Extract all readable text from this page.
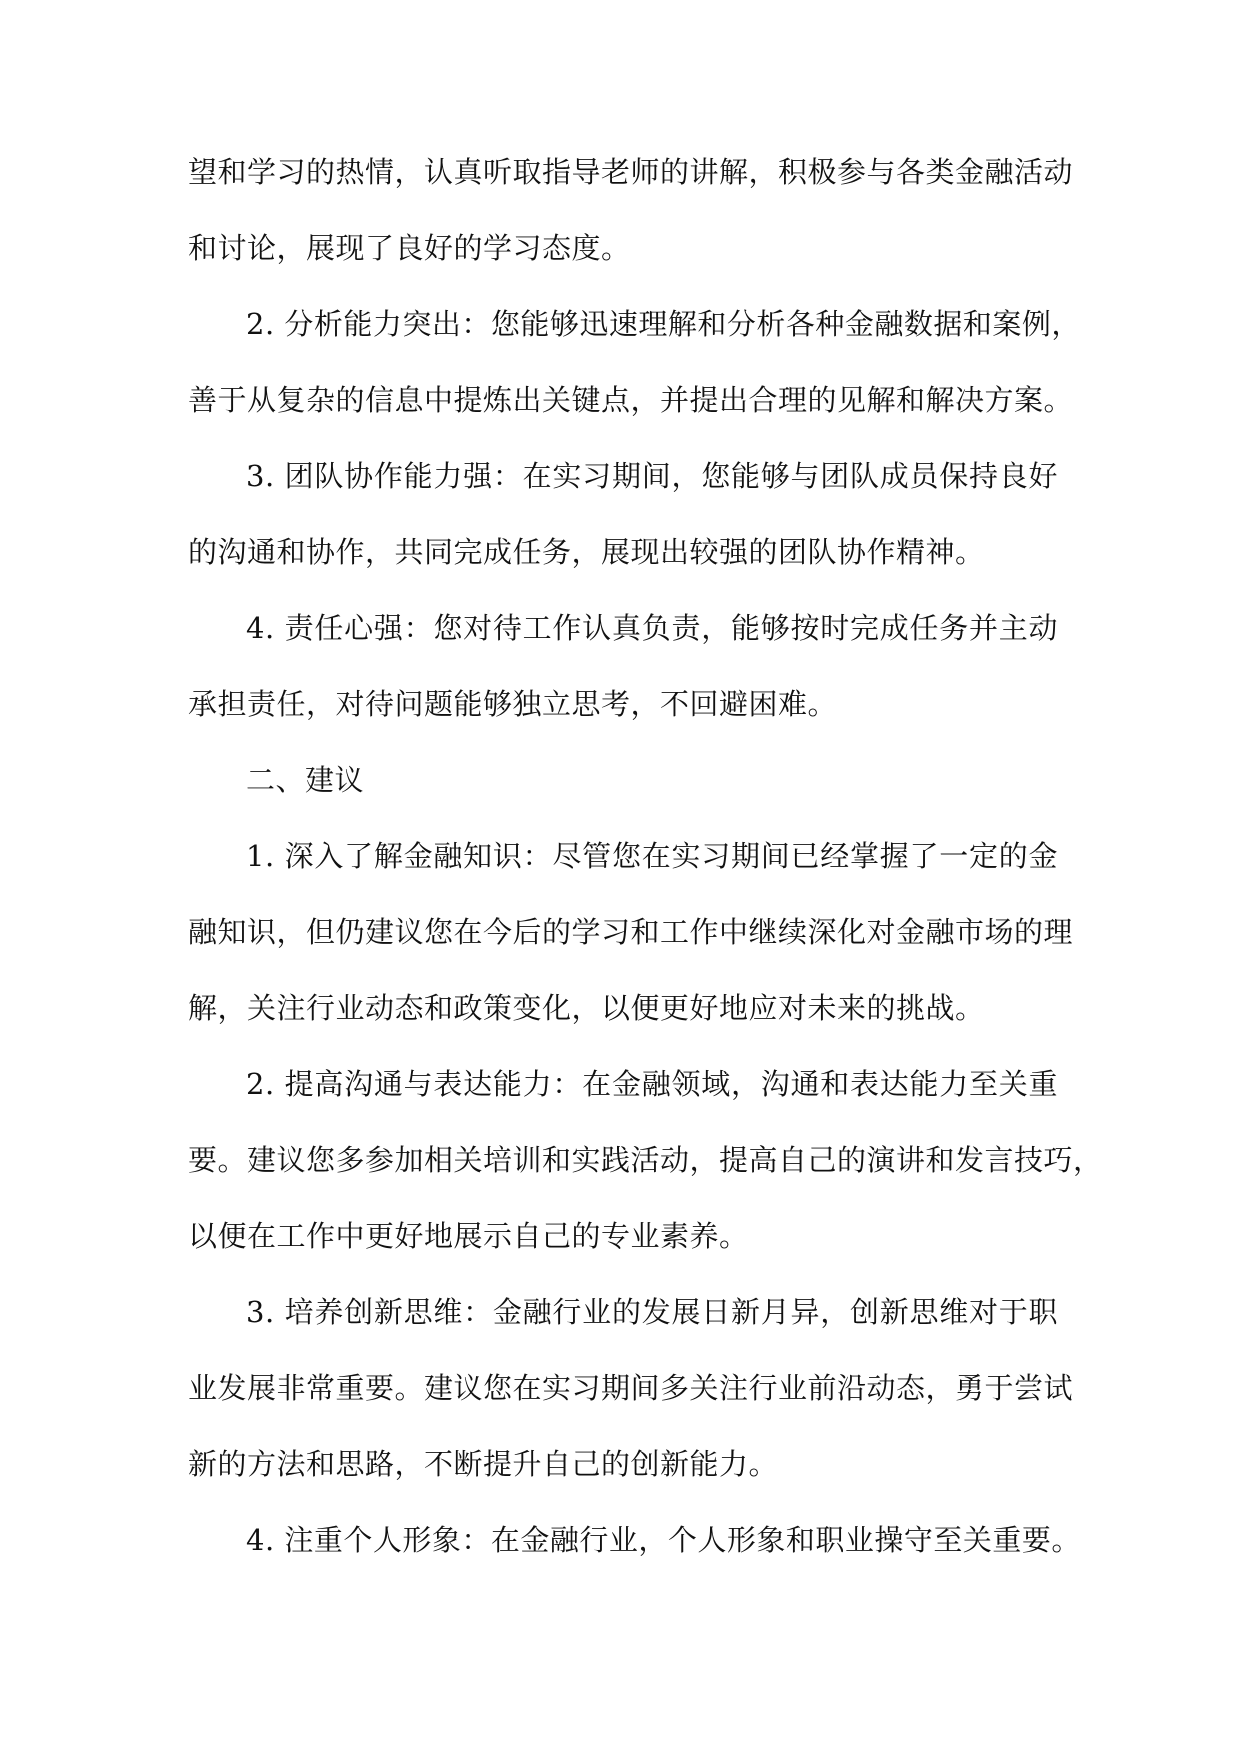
望和学习的热情，认真听取指导老师的讲解，积极参与各类金融活动
和讨论，展现了良好的学习态度。
2. 分析能力突出：您能够迅速理解和分析各种金融数据和案例，
善于从复杂的信息中提炼出关键点，并提出合理的见解和解决方案。
3. 团队协作能力强：在实习期间，您能够与团队成员保持良好
的沟通和协作，共同完成任务，展现出较强的团队协作精神。
4. 责任心强：您对待工作认真负责，能够按时完成任务并主动
承担责任，对待问题能够独立思考，不回避困难。
二、建议
1. 深入了解金融知识：尽管您在实习期间已经掌握了一定的金
融知识，但仍建议您在今后的学习和工作中继续深化对金融市场的理
解，关注行业动态和政策变化，以便更好地应对未来的挑战。
2. 提高沟通与表达能力：在金融领域，沟通和表达能力至关重
要。建议您多参加相关培训和实践活动，提高自己的演讲和发言技巧，
以便在工作中更好地展示自己的专业素养。
3. 培养创新思维：金融行业的发展日新月异，创新思维对于职
业发展非常重要。建议您在实习期间多关注行业前沿动态，勇于尝试
新的方法和思路，不断提升自己的创新能力。
4. 注重个人形象：在金融行业，个人形象和职业操守至关重要。
